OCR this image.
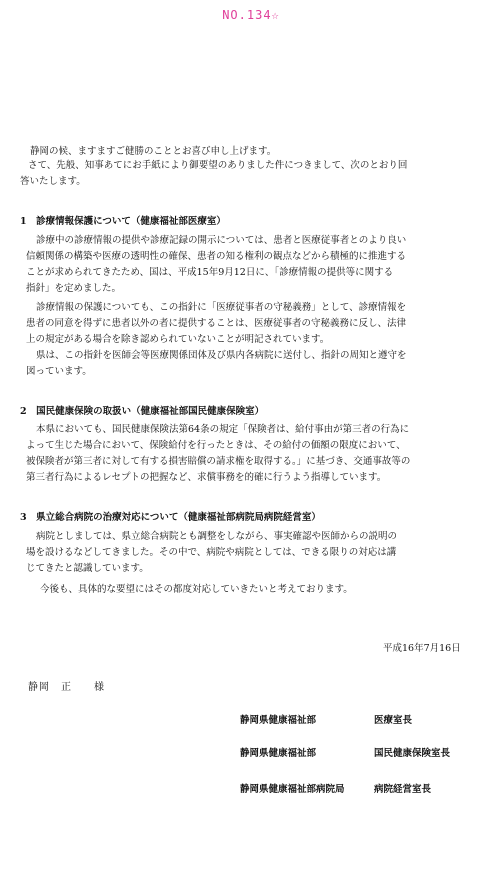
NO.134☆
静岡の候、ますますご健勝のこととお喜び申し上げます。
さて、先般、知事あてにお手紙により御要望のありました件につきまして、次のとおり回
答いたします。
1　診療情報保護について（健康福祉部医療室）
診療中の診療情報の提供や診療記録の開示については、患者と医療従事者とのより良い
信頼関係の構築や医療の透明性の確保、患者の知る権利の観点などから積極的に推進する
ことが求められてきたため、国は、平成15年9月12日に、「診療情報の提供等に関する
指針」を定めました。
診療情報の保護についても、この指針に「医療従事者の守秘義務」として、診療情報を
患者の同意を得ずに患者以外の者に提供することは、医療従事者の守秘義務に反し、法律
上の規定がある場合を除き認められていないことが明記されています。
県は、この指針を医師会等医療関係団体及び県内各病院に送付し、指針の周知と遵守を
図っています。
2　国民健康保険の取扱い（健康福祉部国民健康保険室）
本県においても、国民健康保険法第64条の規定「保険者は、給付事由が第三者の行為に
よって生じた場合において、保険給付を行ったときは、その給付の価額の限度において、
被保険者が第三者に対して有する損害賠償の請求権を取得する。」に基づき、交通事故等の
第三者行為によるレセプトの把握など、求償事務を的確に行うよう指導しています。
3　県立総合病院の治療対応について（健康福祉部病院局病院経営室）
病院としましては、県立総合病院とも調整をしながら、事実確認や医師からの説明の
場を設けるなどしてきました。その中で、病院や病院としては、できる限りの対応は講
じてきたと認識しています。
今後も、具体的な要望にはその都度対応していきたいと考えております。
平成16年7月16日
静岡　正　　様
静岡県健康福祉部	医療室長
静岡県健康福祉部	国民健康保険室長
静岡県健康福祉部病院局	病院経営室長
